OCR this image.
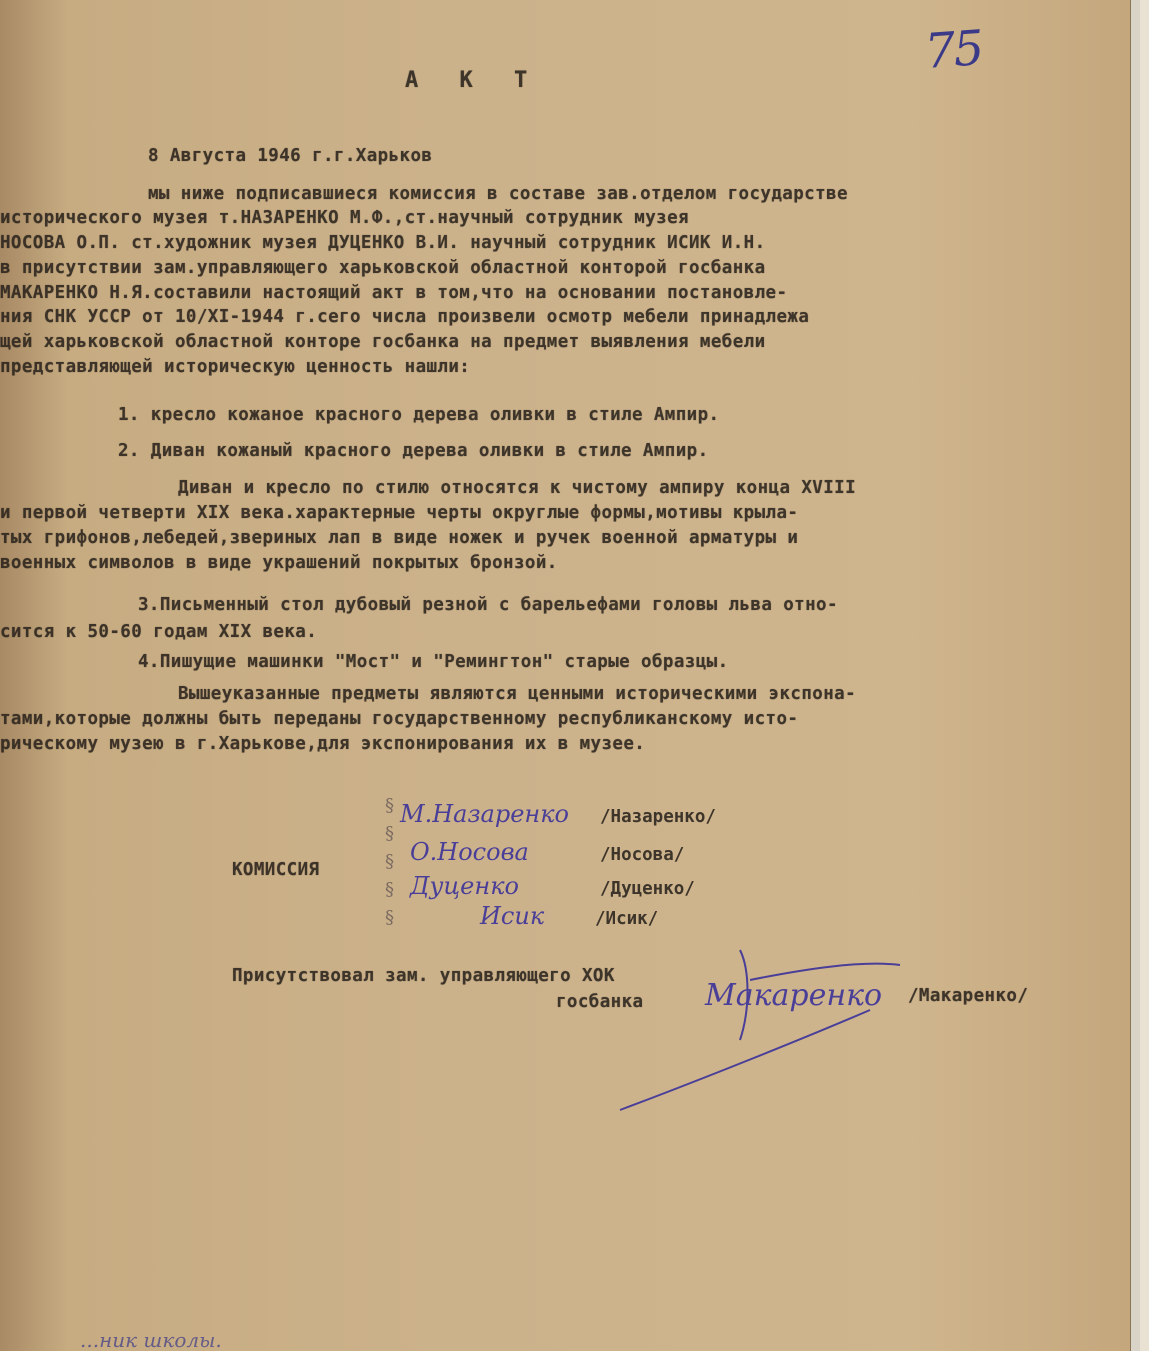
75
А К Т
8 Августа 1946 г.г.Харьков
мы ниже подписавшиеся комиссия в составе зав.отделом государстве
исторического музея т.НАЗАРЕНКО М.Ф.,ст.научный сотрудник музея
НОСОВА О.П. ст.художник музея ДУЦЕНКО В.И. научный сотрудник ИСИК И.Н.
в присутствии зам.управляющего харьковской областной конторой госбанка
МАКАРЕНКО Н.Я.составили настоящий акт в том,что на основании постановле-
ния СНК УССР от 10/XI-1944 г.сего числа произвели осмотр мебели принадлежа
щей харьковской областной конторе госбанка на предмет выявления мебели
представляющей историческую ценность нашли:
1. кресло кожаное красного дерева оливки в стиле Ампир.
2. Диван кожаный красного дерева оливки в стиле Ампир.
Диван и кресло по стилю относятся к чистому ампиру конца XVIII
и первой четверти XIX века.характерные черты округлые формы,мотивы крыла-
тых грифонов,лебедей,звериных лап в виде ножек и ручек военной арматуры и
военных символов в виде украшений покрытых бронзой.
3.Письменный стол дубовый резной с барельефами головы льва отно-
сится к 50-60 годам XIX века.
4.Пишущие машинки "Мост" и "Ремингтон" старые образцы.
Вышеуказанные предметы являются ценными историческими экспона-
тами,которые должны быть переданы государственному республиканскому исто-
рическому музею в г.Харькове,для экспонирования их в музее.
КОМИССИЯ
§
§
§
§
§
М.Назаренко /Назаренко/
О.Носова	/Носова/
Дуценко	/Дуценко/
Исик	/Исик/
Присутствовал зам. управляющего ХОК
госбанка Макаренко	/Макаренко/
...ник школы.
